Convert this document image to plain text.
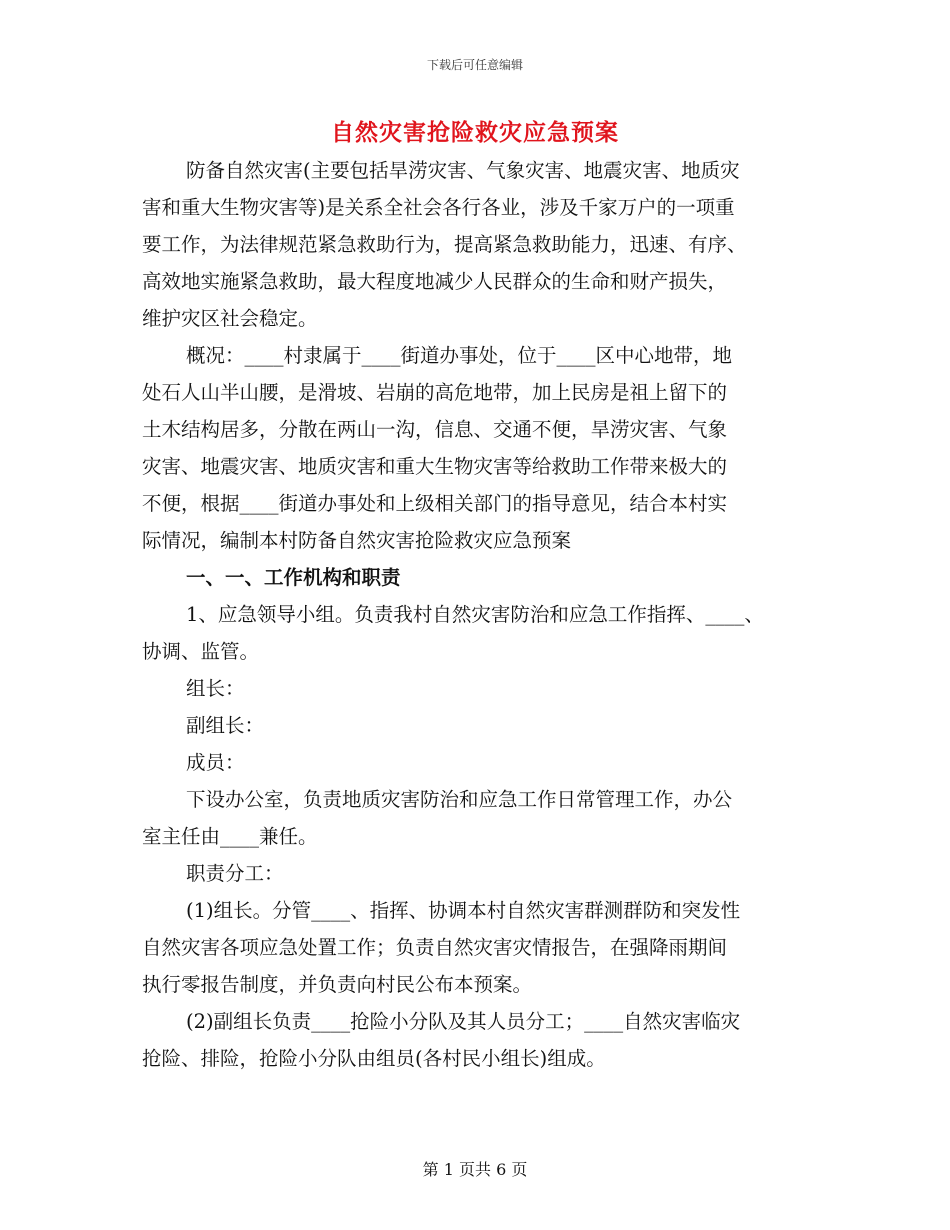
下载后可任意编辑
自然灾害抢险救灾应急预案
防备自然灾害(主要包括旱涝灾害、气象灾害、地震灾害、地质灾
害和重大生物灾害等)是关系全社会各行各业，涉及千家万户的一项重
要工作，为法律规范紧急救助行为，提高紧急救助能力，迅速、有序、
高效地实施紧急救助，最大程度地减少人民群众的生命和财产损失，
维护灾区社会稳定。
概况：____村隶属于____街道办事处，位于____区中心地带，地
处石人山半山腰，是滑坡、岩崩的高危地带，加上民房是祖上留下的
土木结构居多，分散在两山一沟，信息、交通不便，旱涝灾害、气象
灾害、地震灾害、地质灾害和重大生物灾害等给救助工作带来极大的
不便，根据____街道办事处和上级相关部门的指导意见，结合本村实
际情况，编制本村防备自然灾害抢险救灾应急预案
一、一、工作机构和职责
1、应急领导小组。负责我村自然灾害防治和应急工作指挥、____、
协调、监管。
组长：
副组长：
成员：
下设办公室，负责地质灾害防治和应急工作日常管理工作，办公
室主任由____兼任。
职责分工：
(1)组长。分管____、指挥、协调本村自然灾害群测群防和突发性
自然灾害各项应急处置工作；负责自然灾害灾情报告，在强降雨期间
执行零报告制度，并负责向村民公布本预案。
(2)副组长负责____抢险小分队及其人员分工；____自然灾害临灾
抢险、排险，抢险小分队由组员(各村民小组长)组成。
第 1 页共 6 页
